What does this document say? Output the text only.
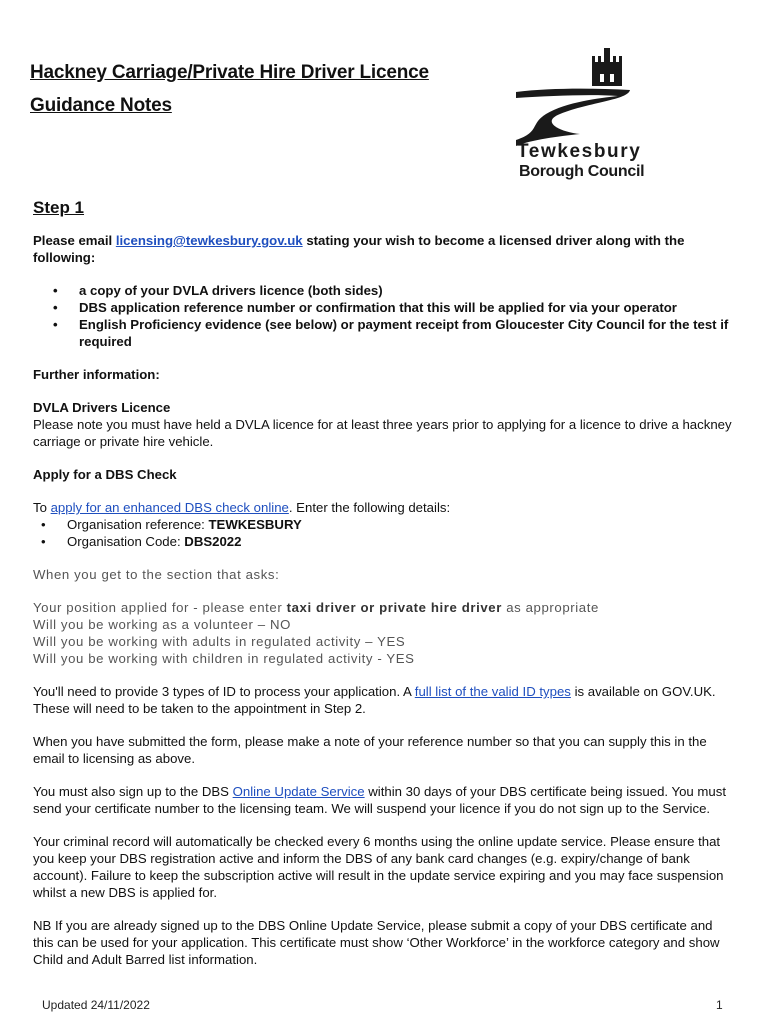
Hackney Carriage/Private Hire Driver Licence
Guidance Notes
Tewkesbury
Borough Council
Step 1

Please email licensing@tewkesbury.gov.uk stating your wish to become a licensed driver along with the following:

• a copy of your DVLA drivers licence (both sides)
• DBS application reference number or confirmation that this will be applied for via your operator
• English Proficiency evidence (see below) or payment receipt from Gloucester City Council for the test if required

Further information:

DVLA Drivers Licence

Please note you must have held a DVLA licence for at least three years prior to applying for a licence to drive a hackney carriage or private hire vehicle.

Apply for a DBS Check

To apply for an enhanced DBS check online. Enter the following details:

• Organisation reference: TEWKESBURY
• Organisation Code: DBS2022

When you get to the section that asks:

Your position applied for - please enter taxi driver or private hire driver as appropriate

Will you be working as a volunteer – NO

Will you be working with adults in regulated activity – YES

Will you be working with children in regulated activity - YES

You'll need to provide 3 types of ID to process your application. A full list of the valid ID types is available on GOV.UK. These will need to be taken to the appointment in Step 2.

When you have submitted the form, please make a note of your reference number so that you can supply this in the email to licensing as above.

You must also sign up to the DBS Online Update Service within 30 days of your DBS certificate being issued. You must send your certificate number to the licensing team. We will suspend your licence if you do not sign up to the Service.

Your criminal record will automatically be checked every 6 months using the online update service. Please ensure that you keep your DBS registration active and inform the DBS of any bank card changes (e.g. expiry/change of bank account). Failure to keep the subscription active will result in the update service expiring and you may face suspension whilst a new DBS is applied for.

NB If you are already signed up to the DBS Online Update Service, please submit a copy of your DBS certificate and this can be used for your application. This certificate must show ‘Other Workforce’ in the workforce category and show Child and Adult Barred list information.

Updated 24/11/2022	1
